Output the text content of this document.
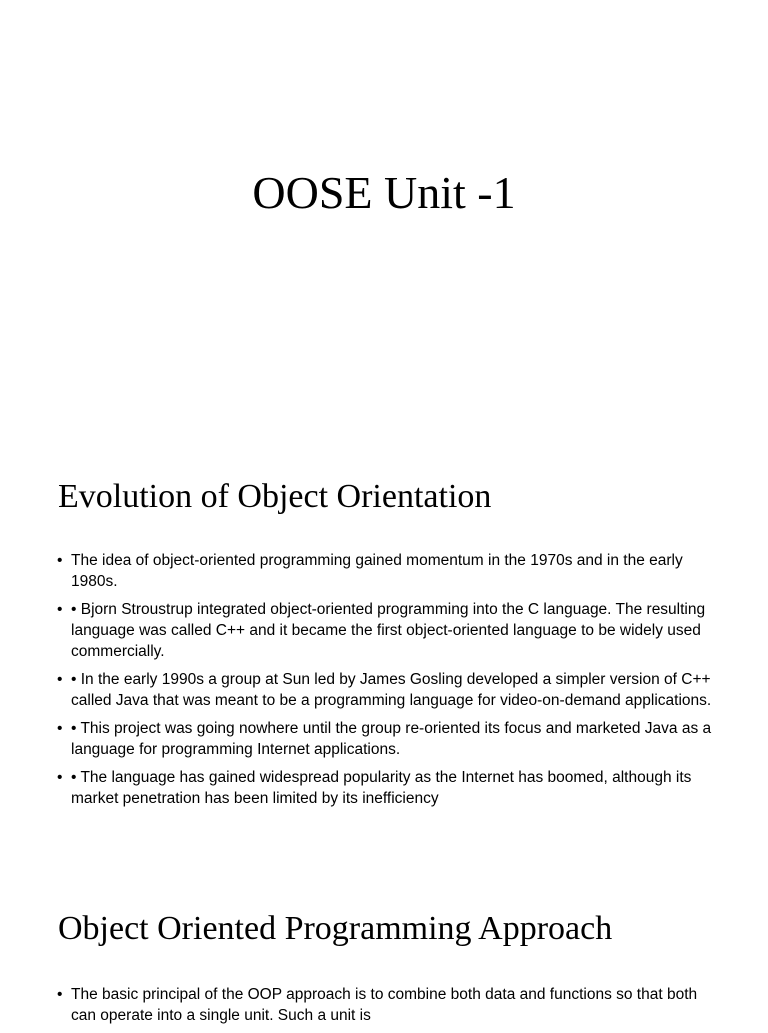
OOSE Unit -1
Evolution of Object Orientation
• The idea of object-oriented programming gained momentum in the 1970s and in the early 1980s.
• • Bjorn Stroustrup integrated object-oriented programming into the C language. The resulting language was called C++ and it became the first object-oriented language to be widely used commercially.
• • In the early 1990s a group at Sun led by James Gosling developed a simpler version of C++ called Java that was meant to be a programming language for video-on-demand applications.
• • This project was going nowhere until the group re-oriented its focus and marketed Java as a language for programming Internet applications.
• • The language has gained widespread popularity as the Internet has boomed, although its market penetration has been limited by its inefficiency
Object Oriented Programming Approach
• The basic principal of the OOP approach is to combine both data and functions so that both can operate into a single unit. Such a unit is
